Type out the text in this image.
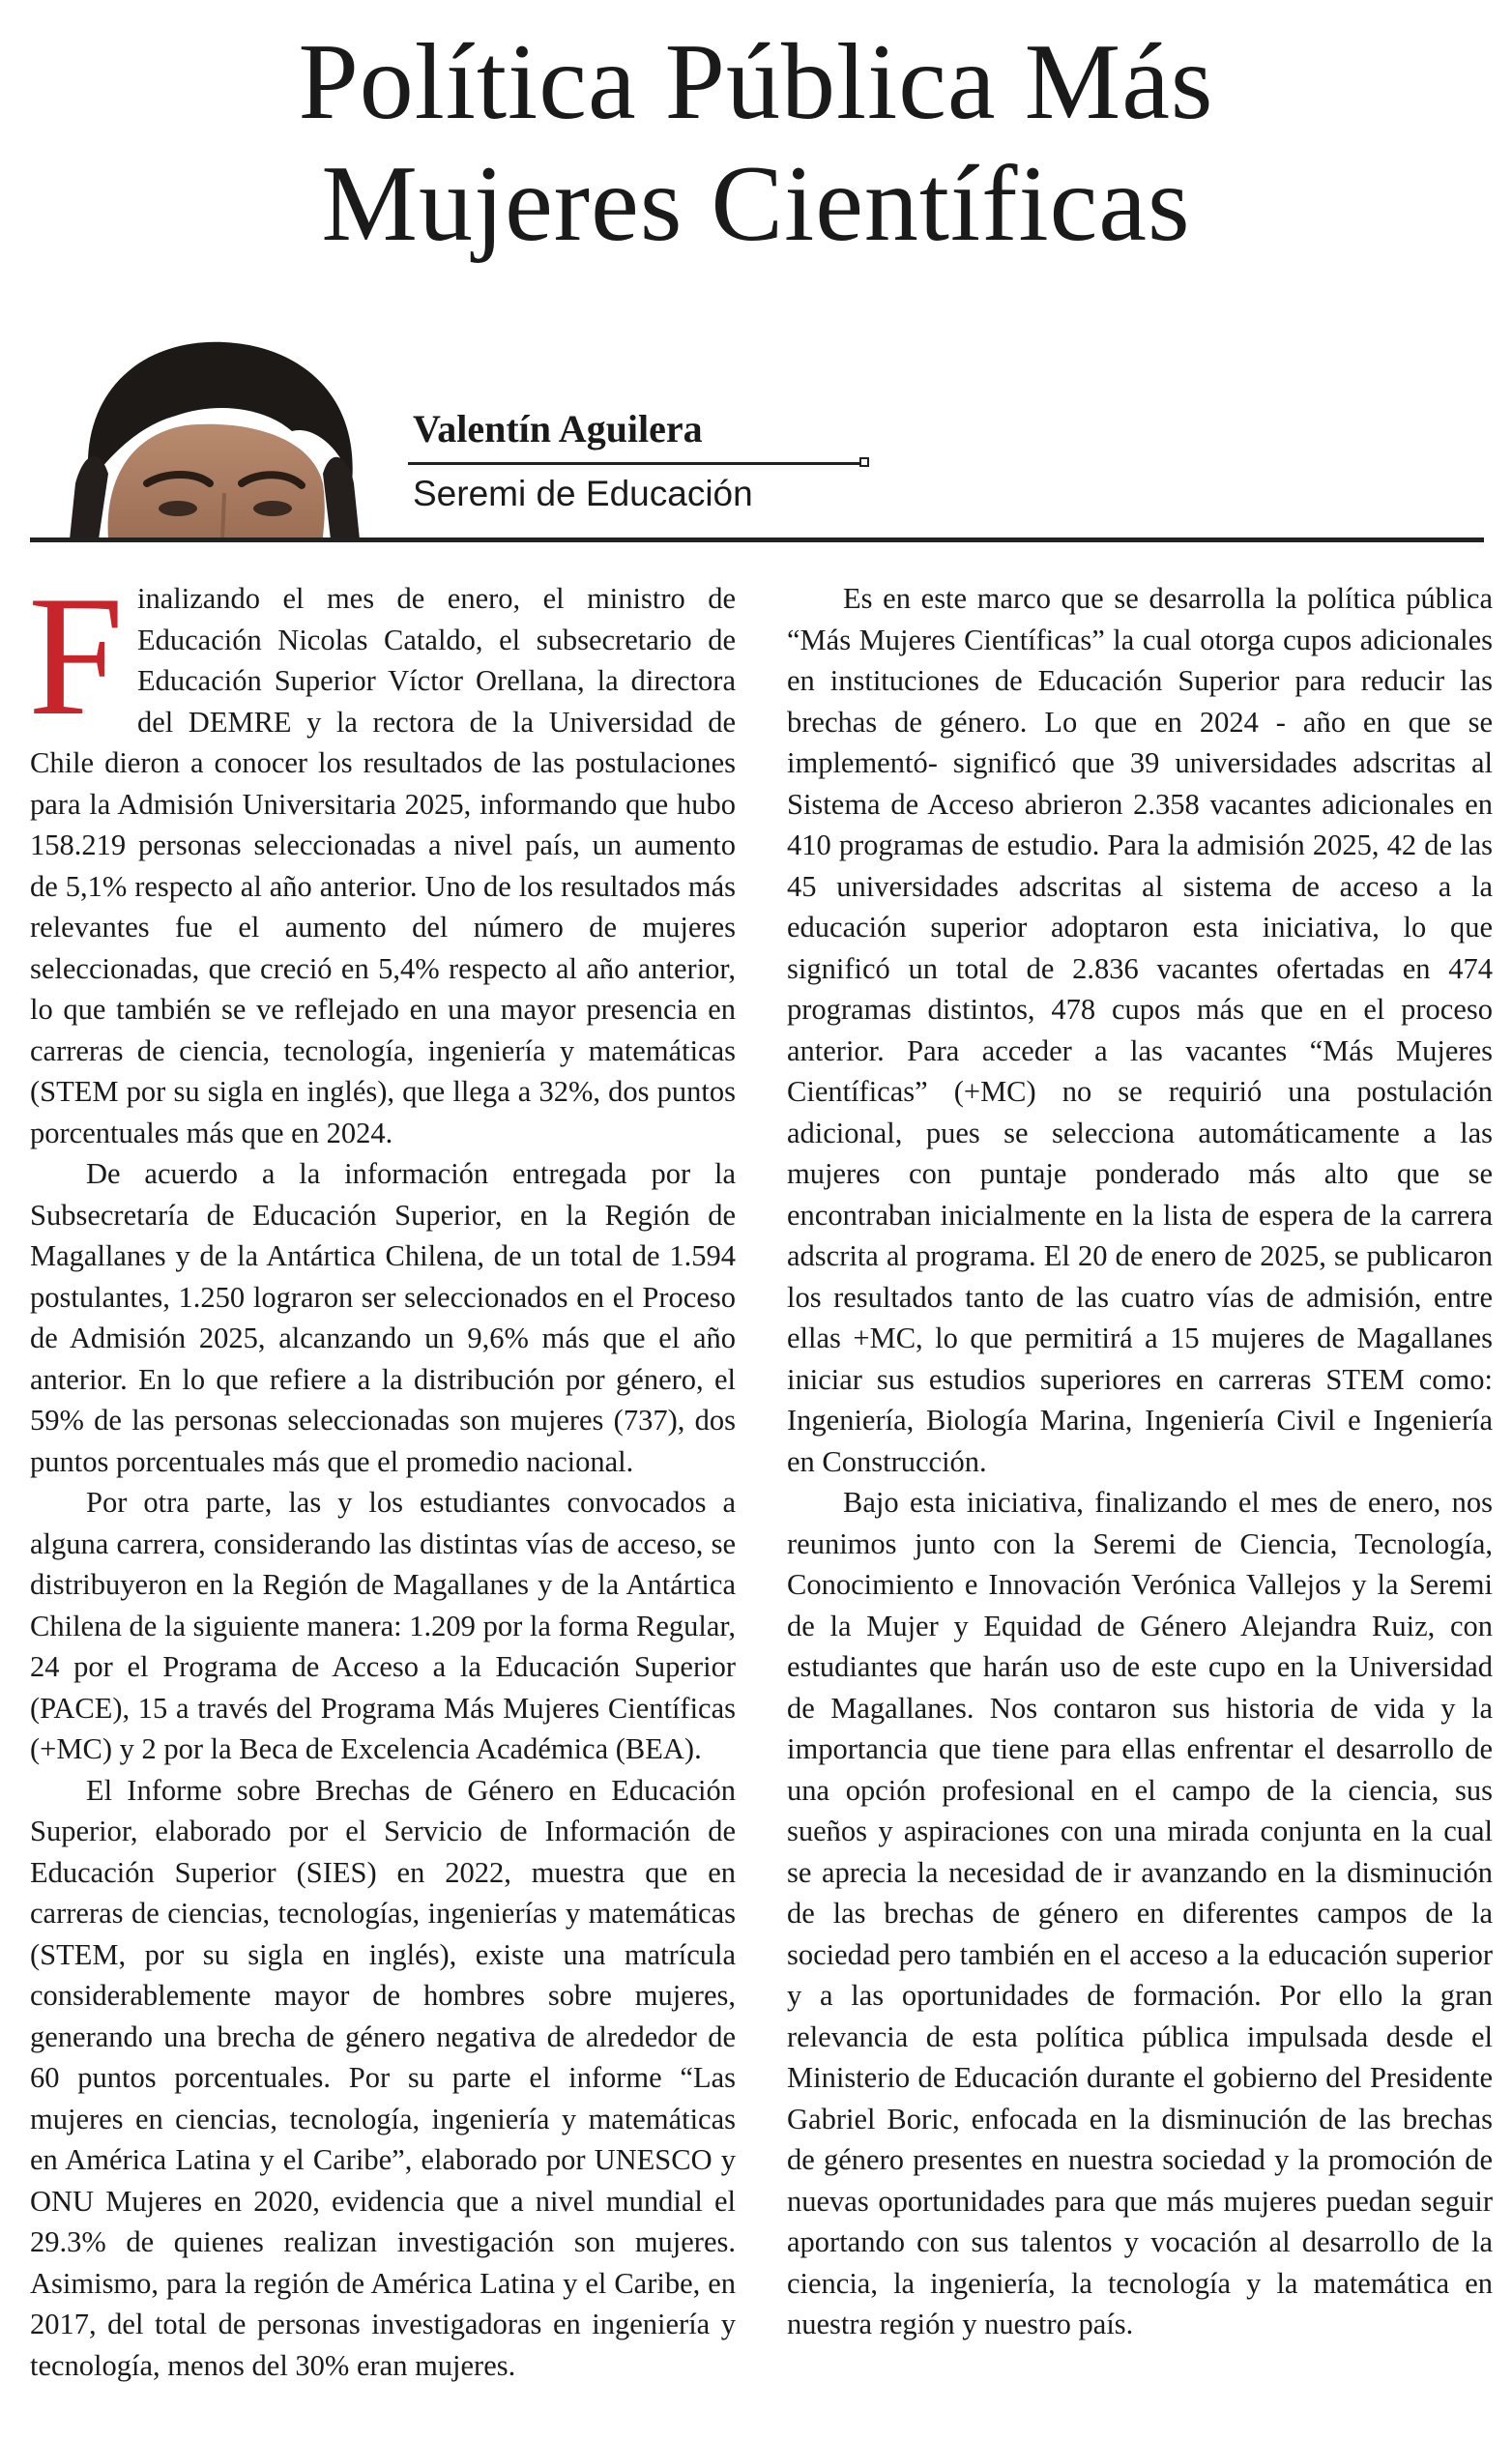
Política Pública Más
Mujeres Científicas
Valentín Aguilera
Seremi de Educación

Finalizando el mes de enero, el ministro de Educación Nicolas Cataldo, el subsecretario de Educación Superior Víctor Orellana, la directora del DEMRE y la rectora de la Universidad de Chile dieron a conocer los resultados de las postulaciones para la Admisión Universitaria 2025, informando que hubo 158.219 personas seleccionadas a nivel país, un aumento de 5,1% respecto al año anterior. Uno de los resultados más relevantes fue el aumento del número de mujeres seleccionadas, que creció en 5,4% respecto al año anterior, lo que también se ve reflejado en una mayor presencia en carreras de ciencia, tecnología, ingeniería y matemáticas (STEM por su sigla en inglés), que llega a 32%, dos puntos porcentuales más que en 2024.

De acuerdo a la información entregada por la Subsecretaría de Educación Superior, en la Región de Magallanes y de la Antártica Chilena, de un total de 1.594 postulantes, 1.250 lograron ser seleccionados en el Proceso de Admisión 2025, alcanzando un 9,6% más que el año anterior. En lo que refiere a la distribución por género, el 59% de las personas seleccionadas son mujeres (737), dos puntos porcentuales más que el promedio nacional.

Por otra parte, las y los estudiantes convocados a alguna carrera, considerando las distintas vías de acceso, se distribuyeron en la Región de Magallanes y de la Antártica Chilena de la siguiente manera: 1.209 por la forma Regular, 24 por el Programa de Acceso a la Educación Superior (PACE), 15 a través del Programa Más Mujeres Científicas (+MC) y 2 por la Beca de Excelencia Académica (BEA).

El Informe sobre Brechas de Género en Educación Superior, elaborado por el Servicio de Información de Educación Superior (SIES) en 2022, muestra que en carreras de ciencias, tecnologías, ingenierías y matemáticas (STEM, por su sigla en inglés), existe una matrícula considerablemente mayor de hombres sobre mujeres, generando una brecha de género negativa de alrededor de 60 puntos porcentuales. Por su parte el informe “Las mujeres en ciencias, tecnología, ingeniería y matemáticas en América Latina y el Caribe”, elaborado por UNESCO y ONU Mujeres en 2020, evidencia que a nivel mundial el 29.3% de quienes realizan investigación son mujeres. Asimismo, para la región de América Latina y el Caribe, en 2017, del total de personas investigadoras en ingeniería y tecnología, menos del 30% eran mujeres.

Es en este marco que se desarrolla la política pública “Más Mujeres Científicas” la cual otorga cupos adicionales en instituciones de Educación Superior para reducir las brechas de género. Lo que en 2024 - año en que se implementó- significó que 39 universidades adscritas al Sistema de Acceso abrieron 2.358 vacantes adicionales en 410 programas de estudio. Para la admisión 2025, 42 de las 45 universidades adscritas al sistema de acceso a la educación superior adoptaron esta iniciativa, lo que significó un total de 2.836 vacantes ofertadas en 474 programas distintos, 478 cupos más que en el proceso anterior. Para acceder a las vacantes “Más Mujeres Científicas” (+MC) no se requirió una postulación adicional, pues se selecciona automáticamente a las mujeres con puntaje ponderado más alto que se encontraban inicialmente en la lista de espera de la carrera adscrita al programa. El 20 de enero de 2025, se publicaron los resultados tanto de las cuatro vías de admisión, entre ellas +MC, lo que permitirá a 15 mujeres de Magallanes iniciar sus estudios superiores en carreras STEM como: Ingeniería, Biología Marina, Ingeniería Civil e Ingeniería en Construcción.

Bajo esta iniciativa, finalizando el mes de enero, nos reunimos junto con la Seremi de Ciencia, Tecnología, Conocimiento e Innovación Verónica Vallejos y la Seremi de la Mujer y Equidad de Género Alejandra Ruiz, con estudiantes que harán uso de este cupo en la Universidad de Magallanes. Nos contaron sus historia de vida y la importancia que tiene para ellas enfrentar el desarrollo de una opción profesional en el campo de la ciencia, sus sueños y aspiraciones con una mirada conjunta en la cual se aprecia la necesidad de ir avanzando en la disminución de las brechas de género en diferentes campos de la sociedad pero también en el acceso a la educación superior y a las oportunidades de formación. Por ello la gran relevancia de esta política pública impulsada desde el Ministerio de Educación durante el gobierno del Presidente Gabriel Boric, enfocada en la disminución de las brechas de género presentes en nuestra sociedad y la promoción de nuevas oportunidades para que más mujeres puedan seguir aportando con sus talentos y vocación al desarrollo de la ciencia, la ingeniería, la tecnología y la matemática en nuestra región y nuestro país.
